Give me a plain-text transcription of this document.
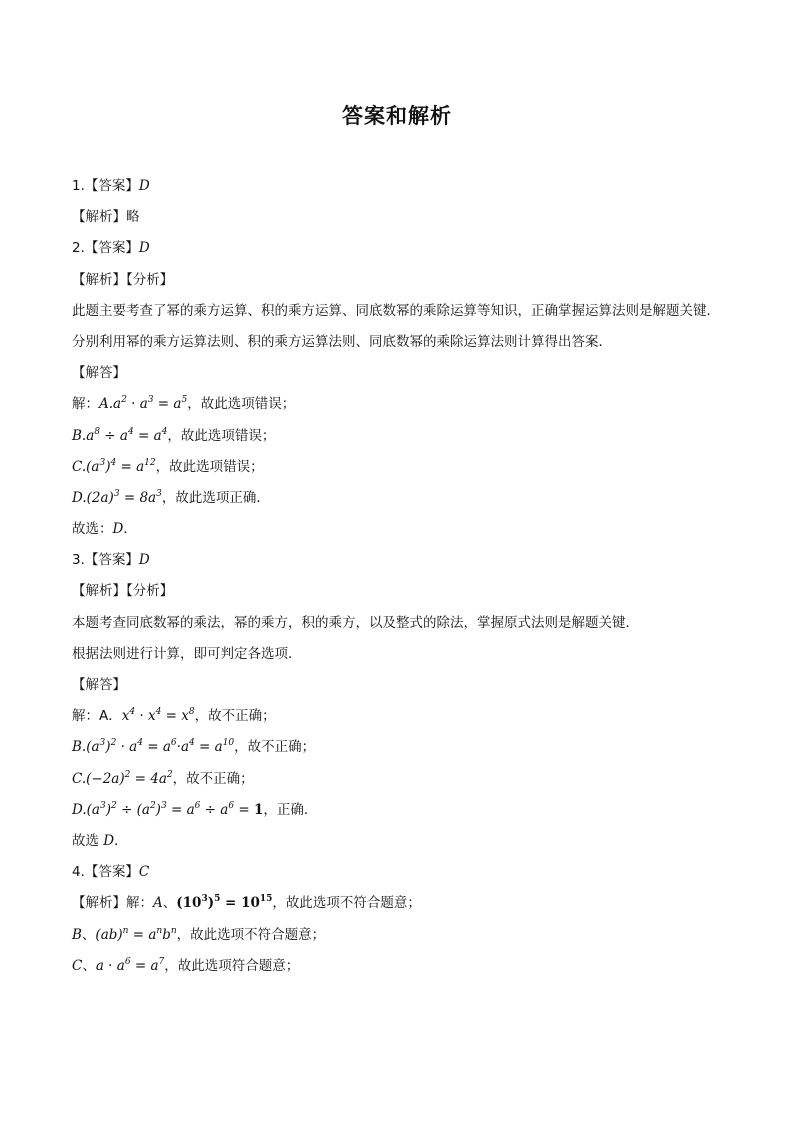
答案和解析
1.【答案】D
【解析】略
2.【答案】D
【解析】【分析】
此题主要考查了幂的乘方运算、积的乘方运算、同底数幂的乘除运算等知识，正确掌握运算法则是解题关键．
分别利用幂的乘方运算法则、积的乘方运算法则、同底数幂的乘除运算法则计算得出答案．
【解答】
解：$A.a^2 \cdot a^3 = a^5$，故此选项错误；
$B.a^8 \div a^4 = a^4$，故此选项错误；
$C.(a^3)^4 = a^{12}$，故此选项错误；
$D.(2a)^3 = 8a^3$，故此选项正确．
故选：D．
3.【答案】D
【解析】【分析】
本题考查同底数幂的乘法，幂的乘方，积的乘方，以及整式的除法，掌握原式法则是解题关键．
根据法则进行计算，即可判定各选项．
【解答】
解：A．$x^4 \cdot x^4 = x^8$，故不正确；
$B.(a^3)^2 \cdot a^4 = a^6\cdot a^4 = a^{10}$，故不正确；
$C.(-2a)^2 = 4a^2$，故不正确；
$D.(a^3)^2 \div (a^2)^3 = a^6 \div a^6 = 1$，正确．
故选 D．
4.【答案】C
【解析】解：A、$(10^3)^5 = 10^{15}$，故此选项不符合题意；
B、$(ab)^n = a^nb^n$，故此选项不符合题意；
C、$a \cdot a^6 = a^7$，故此选项符合题意；
